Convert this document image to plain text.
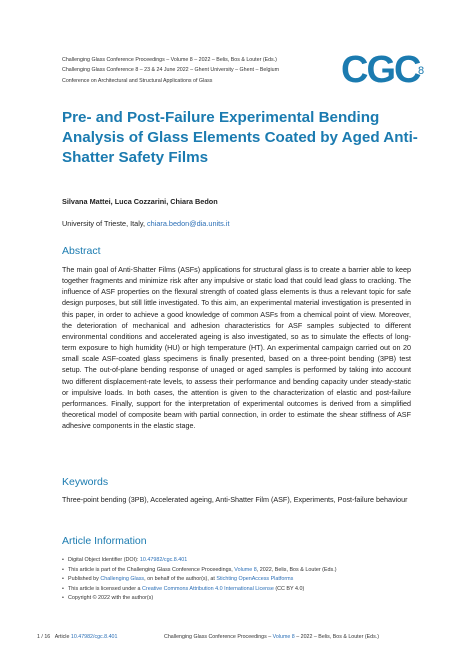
Challenging Glass Conference Proceedings – Volume 8 – 2022 – Belis, Bos & Louter (Eds.)
Challenging Glass Conference 8 – 23 & 24 June 2022 – Ghent University – Ghent – Belgium
Conference on Architectural and Structural Applications of Glass	CGC
8
Pre- and Post-Failure Experimental Bending Analysis of Glass Elements Coated by Aged Anti-Shatter Safety Films
Silvana Mattei, Luca Cozzarini, Chiara Bedon
University of Trieste, Italy, chiara.bedon@dia.units.it
Abstract

The main goal of Anti-Shatter Films (ASFs) applications for structural glass is to create a barrier able to keep together fragments and minimize risk after any impulsive or static load that could lead glass to cracking. The influence of ASF properties on the flexural strength of coated glass elements is thus a relevant topic for safe design purposes, but still little investigated. To this aim, an experimental material investigation is presented in this paper, in order to achieve a good knowledge of common ASFs from a chemical point of view. Moreover, the deterioration of mechanical and adhesion characteristics for ASF samples subjected to different environmental conditions and accelerated ageing is also investigated, so as to simulate the effects of long-term exposure to high humidity (HU) or high temperature (HT). An experimental campaign carried out on 20 small scale ASF-coated glass specimens is finally presented, based on a three-point bending (3PB) test setup. The out-of-plane bending response of unaged or aged samples is performed by taking into account two different displacement-rate levels, to assess their performance and bending capacity under steady-static or impulsive loads. In both cases, the attention is given to the characterization of elastic and post-failure performances. Finally, support for the interpretation of experimental outcomes is derived from a simplified theoretical model of composite beam with partial connection, in order to estimate the shear stiffness of ASF adhesive components in the elastic stage.

Keywords

Three-point bending (3PB), Accelerated ageing, Anti-Shatter Film (ASF), Experiments, Post-failure behaviour

Article Information
• Digital Object Identifier (DOI): 10.47982/cgc.8.401
• This article is part of the Challenging Glass Conference Proceedings, Volume 8, 2022, Belis, Bos & Louter (Eds.)
• Published by Challenging Glass, on behalf of the author(s), at Stichting OpenAccess Platforms
• This article is licensed under a Creative Commons Attribution 4.0 International License (CC BY 4.0)
• Copyright © 2022 with the author(s)
1 / 16 Article 10.47982/cgc.8.401	Challenging Glass Conference Proceedings – Volume 8 – 2022 – Belis, Bos & Louter (Eds.)
